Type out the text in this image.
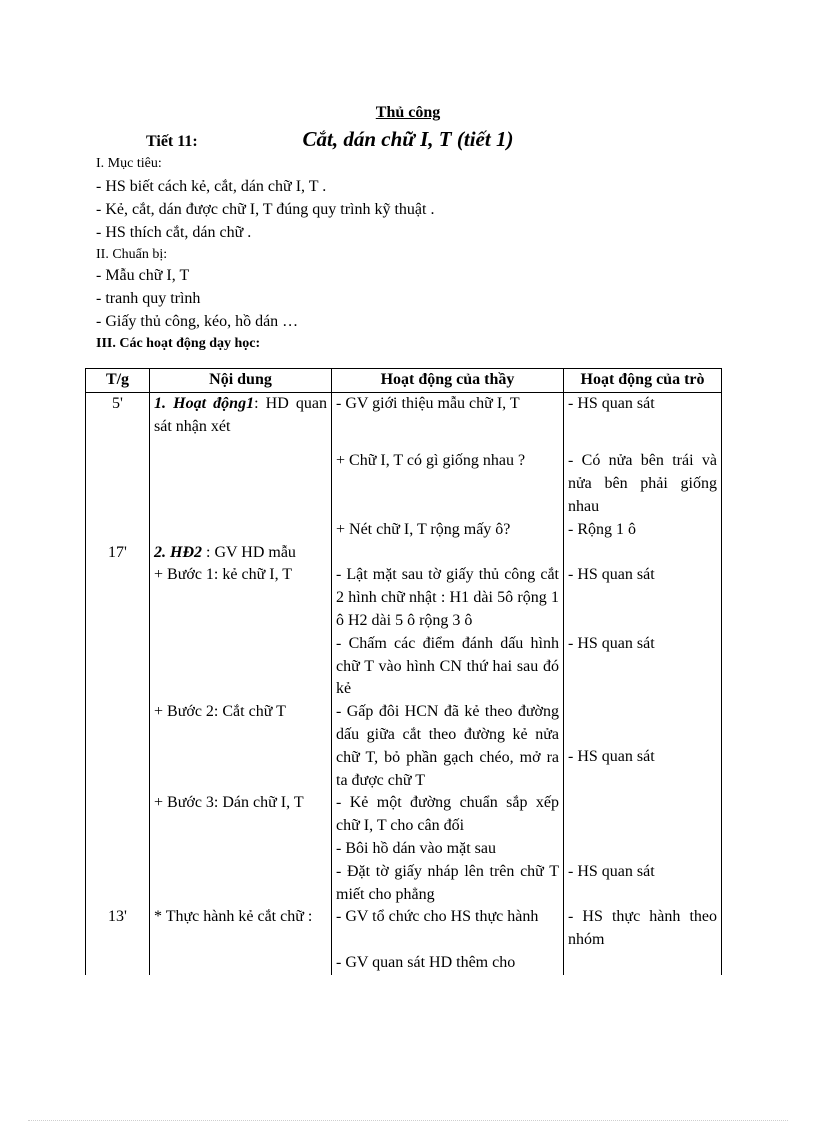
Thủ công
Tiết 11:	Cắt, dán chữ I, T (tiết 1)
I. Mục tiêu:
- HS biết cách kẻ, cắt, dán chữ I, T .
- Kẻ, cắt, dán được chữ I, T đúng quy trình kỹ thuật .
- HS thích cắt, dán chữ .
II. Chuẩn bị:
- Mẫu chữ I, T
- tranh quy trình
- Giấy thủ công, kéo, hồ dán …
III. Các hoạt động dạy học:
T/g	Nội dung	Hoạt động của thầy	Hoạt động của trò
5'	1. Hoạt động1: HD quan sát nhận xét	- GV giới thiệu mẫu chữ I, T	- HS quan sát
		+ Chữ I, T có gì giống nhau ?	- Có nửa bên trái và nửa bên phải giống nhau
		+ Nét chữ I, T rộng mấy ô?	- Rộng 1 ô
17'	2. HĐ2 : GV HD mẫu		
	+ Bước 1: kẻ chữ I, T	- Lật mặt sau tờ giấy thủ công cắt 2 hình chữ nhật : H1 dài 5ô rộng 1 ô H2 dài 5 ô rộng 3 ô	- HS quan sát
		- Chấm các điểm đánh dấu hình chữ T vào hình CN thứ hai sau đó kẻ	- HS quan sát
	+ Bước 2: Cắt chữ T	- Gấp đôi HCN đã kẻ theo đường dấu giữa cắt theo đường kẻ nửa chữ T, bỏ phần gạch chéo, mở ra ta được chữ T	- HS quan sát
	+ Bước 3: Dán chữ I, T	- Kẻ một đường chuẩn sắp xếp chữ I, T cho cân đối	
		- Bôi hồ dán vào mặt sau	
		- Đặt tờ giấy nháp lên trên chữ T miết cho phẳng	- HS quan sát
13'	* Thực hành kẻ cắt chữ :	- GV tổ chức cho HS thực hành	- HS thực hành theo nhóm
		- GV quan sát HD thêm cho	
